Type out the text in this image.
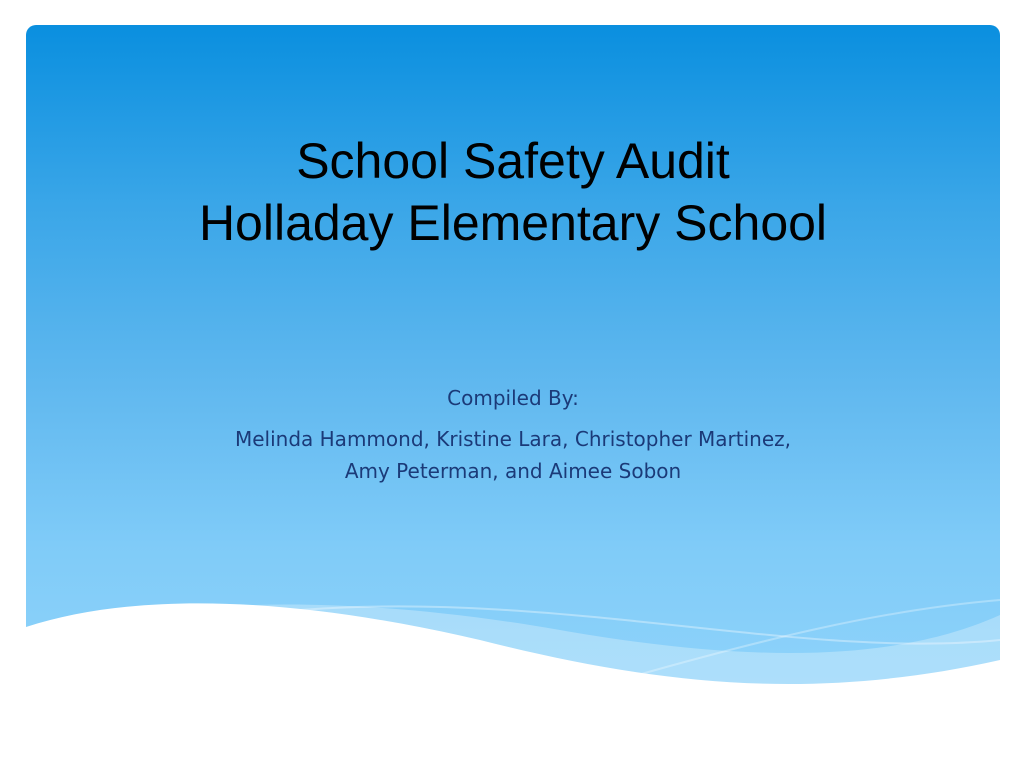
School Safety Audit
Holladay Elementary School
Compiled By:
Melinda Hammond, Kristine Lara, Christopher Martinez,
Amy Peterman, and Aimee Sobon
